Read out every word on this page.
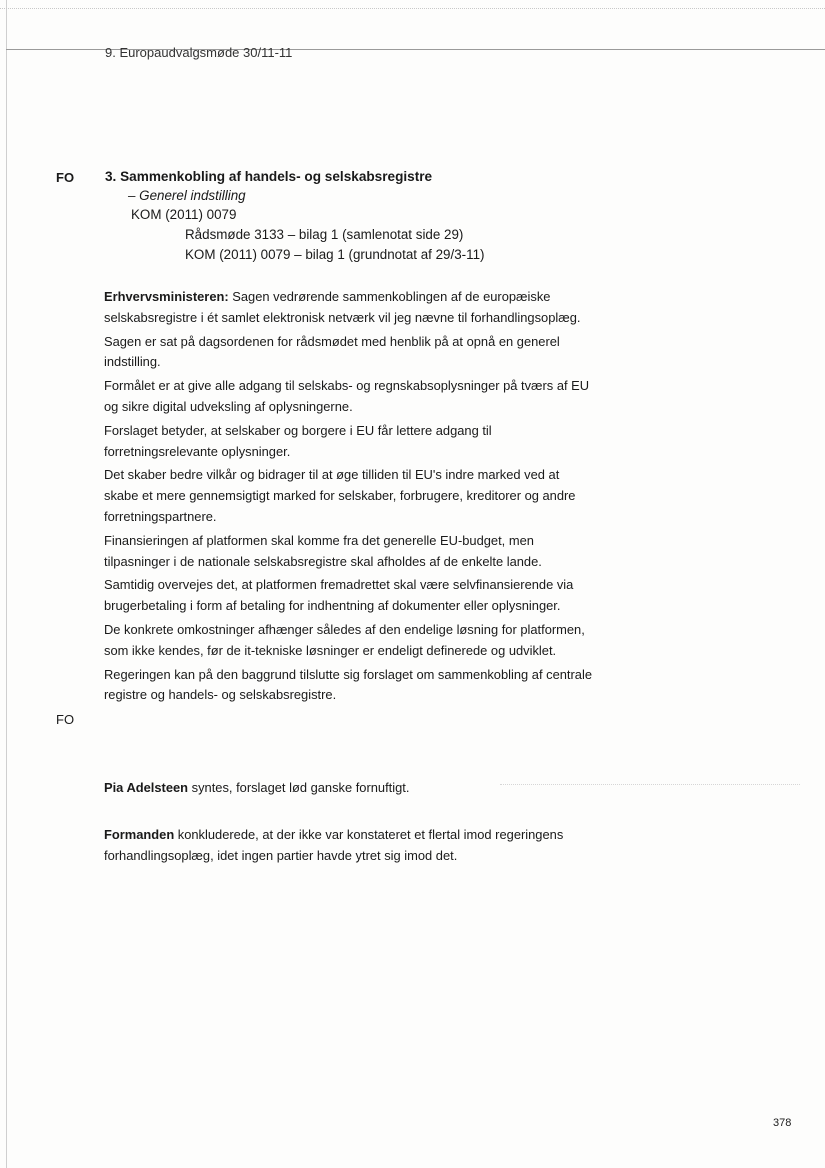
9. Europaudvalgsmøde 30/11-11
FO 3. Sammenkobling af handels- og selskabsregistre
– Generel indstilling
KOM (2011) 0079
Rådsmøde 3133 – bilag 1 (samlenotat side 29)
KOM (2011) 0079 – bilag 1 (grundnotat af 29/3-11)

Erhvervsministeren: Sagen vedrørende sammenkoblingen af de europæiske selskabsregistre i ét samlet elektronisk netværk vil jeg nævne til forhandlingsoplæg.

Sagen er sat på dagsordenen for rådsmødet med henblik på at opnå en generel indstilling.

Formålet er at give alle adgang til selskabs- og regnskabsoplysninger på tværs af EU og sikre digital udveksling af oplysningerne.

Forslaget betyder, at selskaber og borgere i EU får lettere adgang til forretningsrelevante oplysninger.

Det skaber bedre vilkår og bidrager til at øge tilliden til EU's indre marked ved at skabe et mere gennemsigtigt marked for selskaber, forbrugere, kreditorer og andre forretningspartnere.

Finansieringen af platformen skal komme fra det generelle EU-budget, men tilpasninger i de nationale selskabsregistre skal afholdes af de enkelte lande.

Samtidig overvejes det, at platformen fremadrettet skal være selvfinansierende via brugerbetaling i form af betaling for indhentning af dokumenter eller oplysninger.

De konkrete omkostninger afhænger således af den endelige løsning for platformen, som ikke kendes, før de it-tekniske løsninger er endeligt definerede og udviklet.

Regeringen kan på den baggrund tilslutte sig forslaget om sammenkobling af centrale registre og handels- og selskabsregistre.

FO

Pia Adelsteen syntes, forslaget lød ganske fornuftigt.

Formanden konkluderede, at der ikke var konstateret et flertal imod regeringens forhandlingsoplæg, idet ingen partier havde ytret sig imod det.

378
